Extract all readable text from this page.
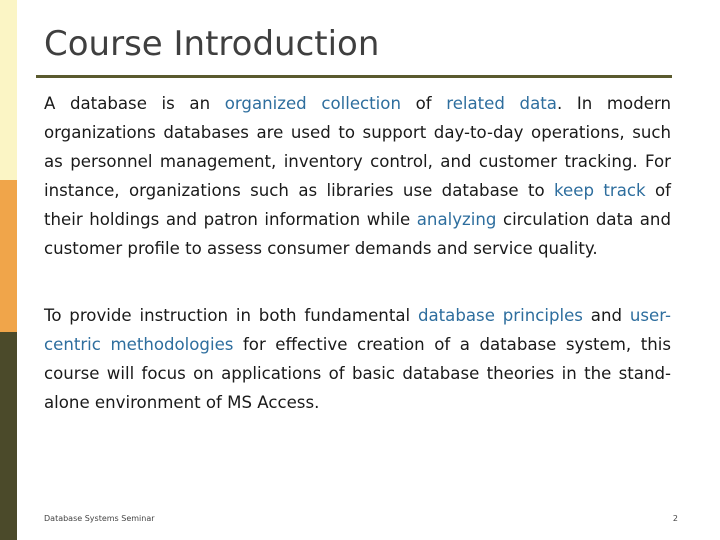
Course Introduction

A database is an organized collection of related data. In modern organizations databases are used to support day-to-day operations, such as personnel management, inventory control, and customer tracking. For instance, organizations such as libraries use database to keep track of their holdings and patron information while analyzing circulation data and customer profile to assess consumer demands and service quality.

To provide instruction in both fundamental database principles and user-centric methodologies for effective creation of a database system, this course will focus on applications of basic database theories in the stand-alone environment of MS Access.

Database Systems Seminar	2
